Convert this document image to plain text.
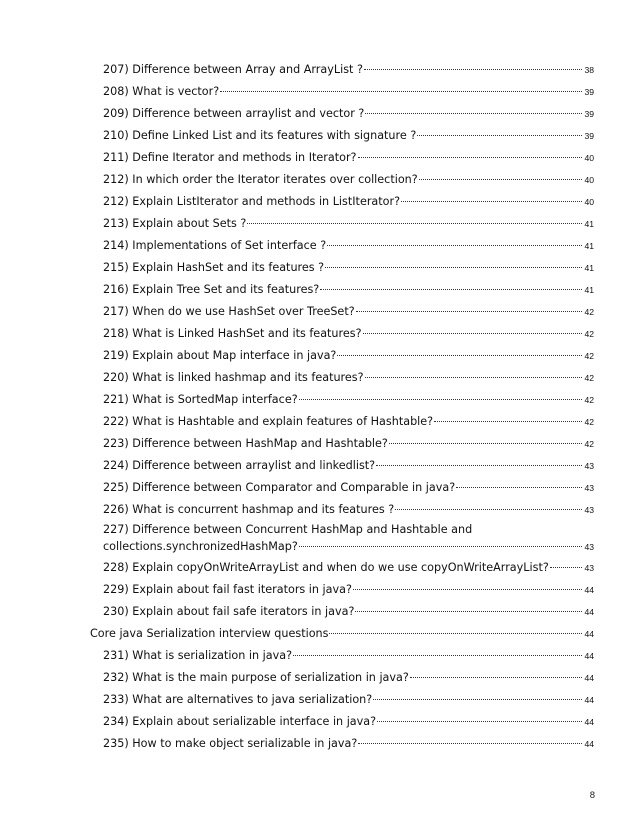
207) Difference between Array and ArrayList ?	38
208) What is vector?	39
209) Difference between arraylist and vector ?	39
210) Define Linked List and its features with signature ?	39
211) Define Iterator and methods in Iterator?	40
212) In which order the Iterator iterates over collection?	40
212) Explain ListIterator and methods in ListIterator?	40
213) Explain about Sets ?	41
214) Implementations of Set interface ?	41
215) Explain HashSet and its features ?	41
216) Explain Tree Set and its features?	41
217) When do we use HashSet over TreeSet?	42
218) What is Linked HashSet and its features?	42
219) Explain about Map interface in java?	42
220) What is linked hashmap and its features?	42
221) What is SortedMap interface?	42
222) What is Hashtable and explain features of Hashtable?	42
223) Difference between HashMap and Hashtable?	42
224) Difference between arraylist and linkedlist?	43
225) Difference between Comparator and Comparable in java?	43
226) What is concurrent hashmap and its features ?	43
227) Difference between Concurrent HashMap and Hashtable and
collections.synchronizedHashMap?	43
228) Explain copyOnWriteArrayList and when do we use copyOnWriteArrayList?	43
229) Explain about fail fast iterators in java?	44
230) Explain about fail safe iterators in java?	44
Core java Serialization interview questions	44
231) What is serialization in java?	44
232) What is the main purpose of serialization in java?	44
233) What are alternatives to java serialization?	44
234) Explain about serializable interface in java?	44
235) How to make object serializable in java?	44
8
